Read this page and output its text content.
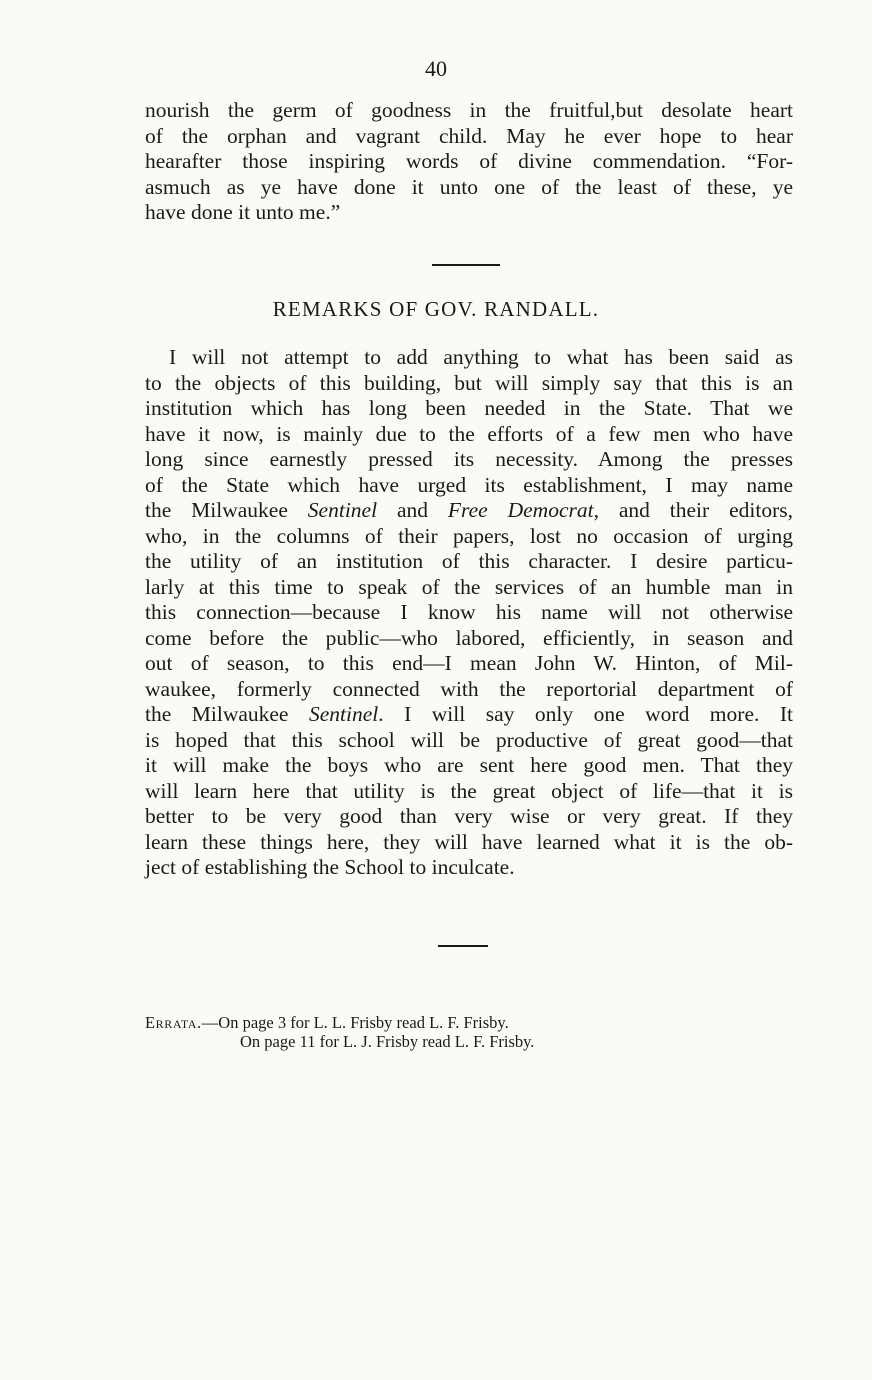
40
nourish the germ of goodness in the fruitful,but desolate heart
of the orphan and vagrant child. May he ever hope to hear
hearafter those inspiring words of divine commendation. “For-
asmuch as ye have done it unto one of the least of these, ye
have done it unto me.”
REMARKS OF GOV. RANDALL.
I will not attempt to add anything to what has been said as
to the objects of this building, but will simply say that this is an
institution which has long been needed in the State. That we
have it now, is mainly due to the efforts of a few men who have
long since earnestly pressed its necessity. Among the presses
of the State which have urged its establishment, I may name
the Milwaukee Sentinel and Free Democrat, and their editors,
who, in the columns of their papers, lost no occasion of urging
the utility of an institution of this character. I desire particu-
larly at this time to speak of the services of an humble man in
this connection—because I know his name will not otherwise
come before the public—who labored, efficiently, in season and
out of season, to this end—I mean John W. Hinton, of Mil-
waukee, formerly connected with the reportorial department of
the Milwaukee Sentinel. I will say only one word more. It
is hoped that this school will be productive of great good—that
it will make the boys who are sent here good men. That they
will learn here that utility is the great object of life—that it is
better to be very good than very wise or very great. If they
learn these things here, they will have learned what it is the ob-
ject of establishing the School to inculcate.
Errata.—On page 3 for L. L. Frisby read L. F. Frisby.
On page 11 for L. J. Frisby read L. F. Frisby.
